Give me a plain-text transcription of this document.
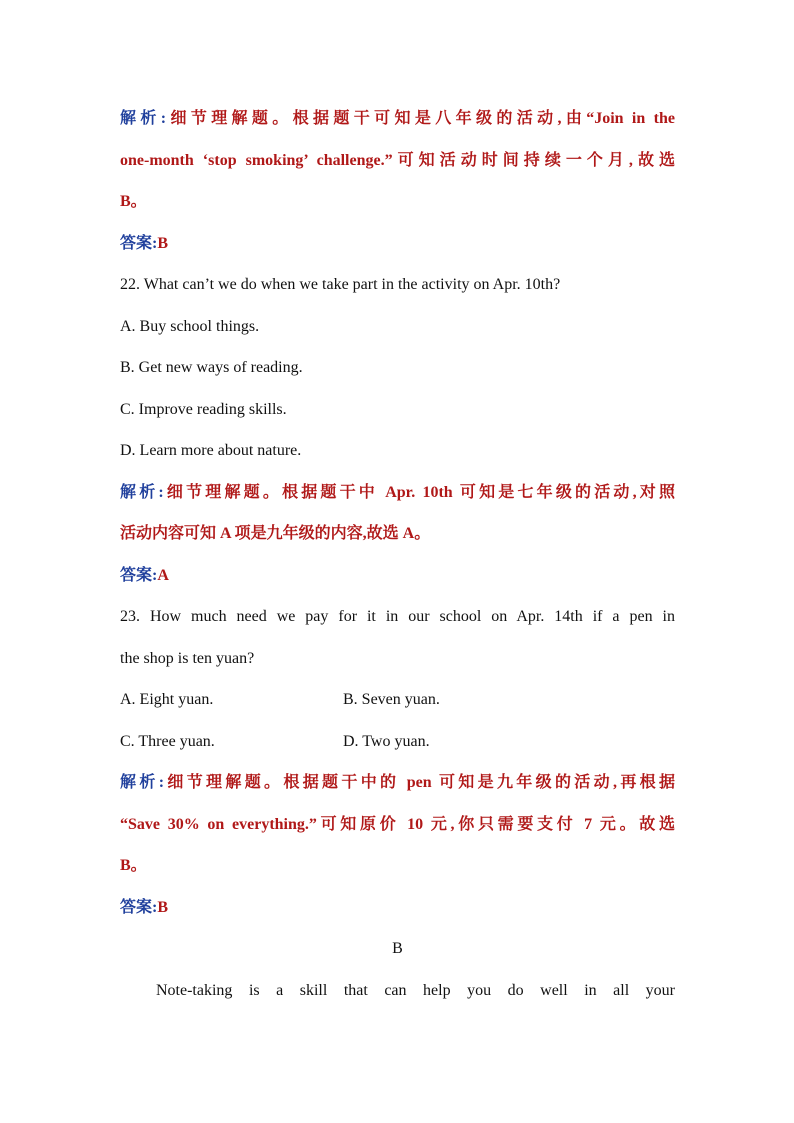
解析:细节理解题。根据题干可知是八年级的活动,由“Join in the
one-month ‘stop smoking’ challenge.”可知活动时间持续一个月,故选
B。
答案:B
22. What can’t we do when we take part in the activity on Apr. 10th?
A. Buy school things.
B. Get new ways of reading.
C. Improve reading skills.
D. Learn more about nature.
解析:细节理解题。根据题干中 Apr. 10th 可知是七年级的活动,对照
活动内容可知 A 项是九年级的内容,故选 A。
答案:A
23. How much need we pay for it in our school on Apr. 14th if a pen in
the shop is ten yuan?
A. Eight yuan.	B. Seven yuan.
C. Three yuan.	D. Two yuan.
解析:细节理解题。根据题干中的 pen 可知是九年级的活动,再根据
“Save 30% on everything.”可知原价 10 元,你只需要支付 7 元。故选
B。
答案:B
B
Note-taking is a skill that can help you do well in all your
